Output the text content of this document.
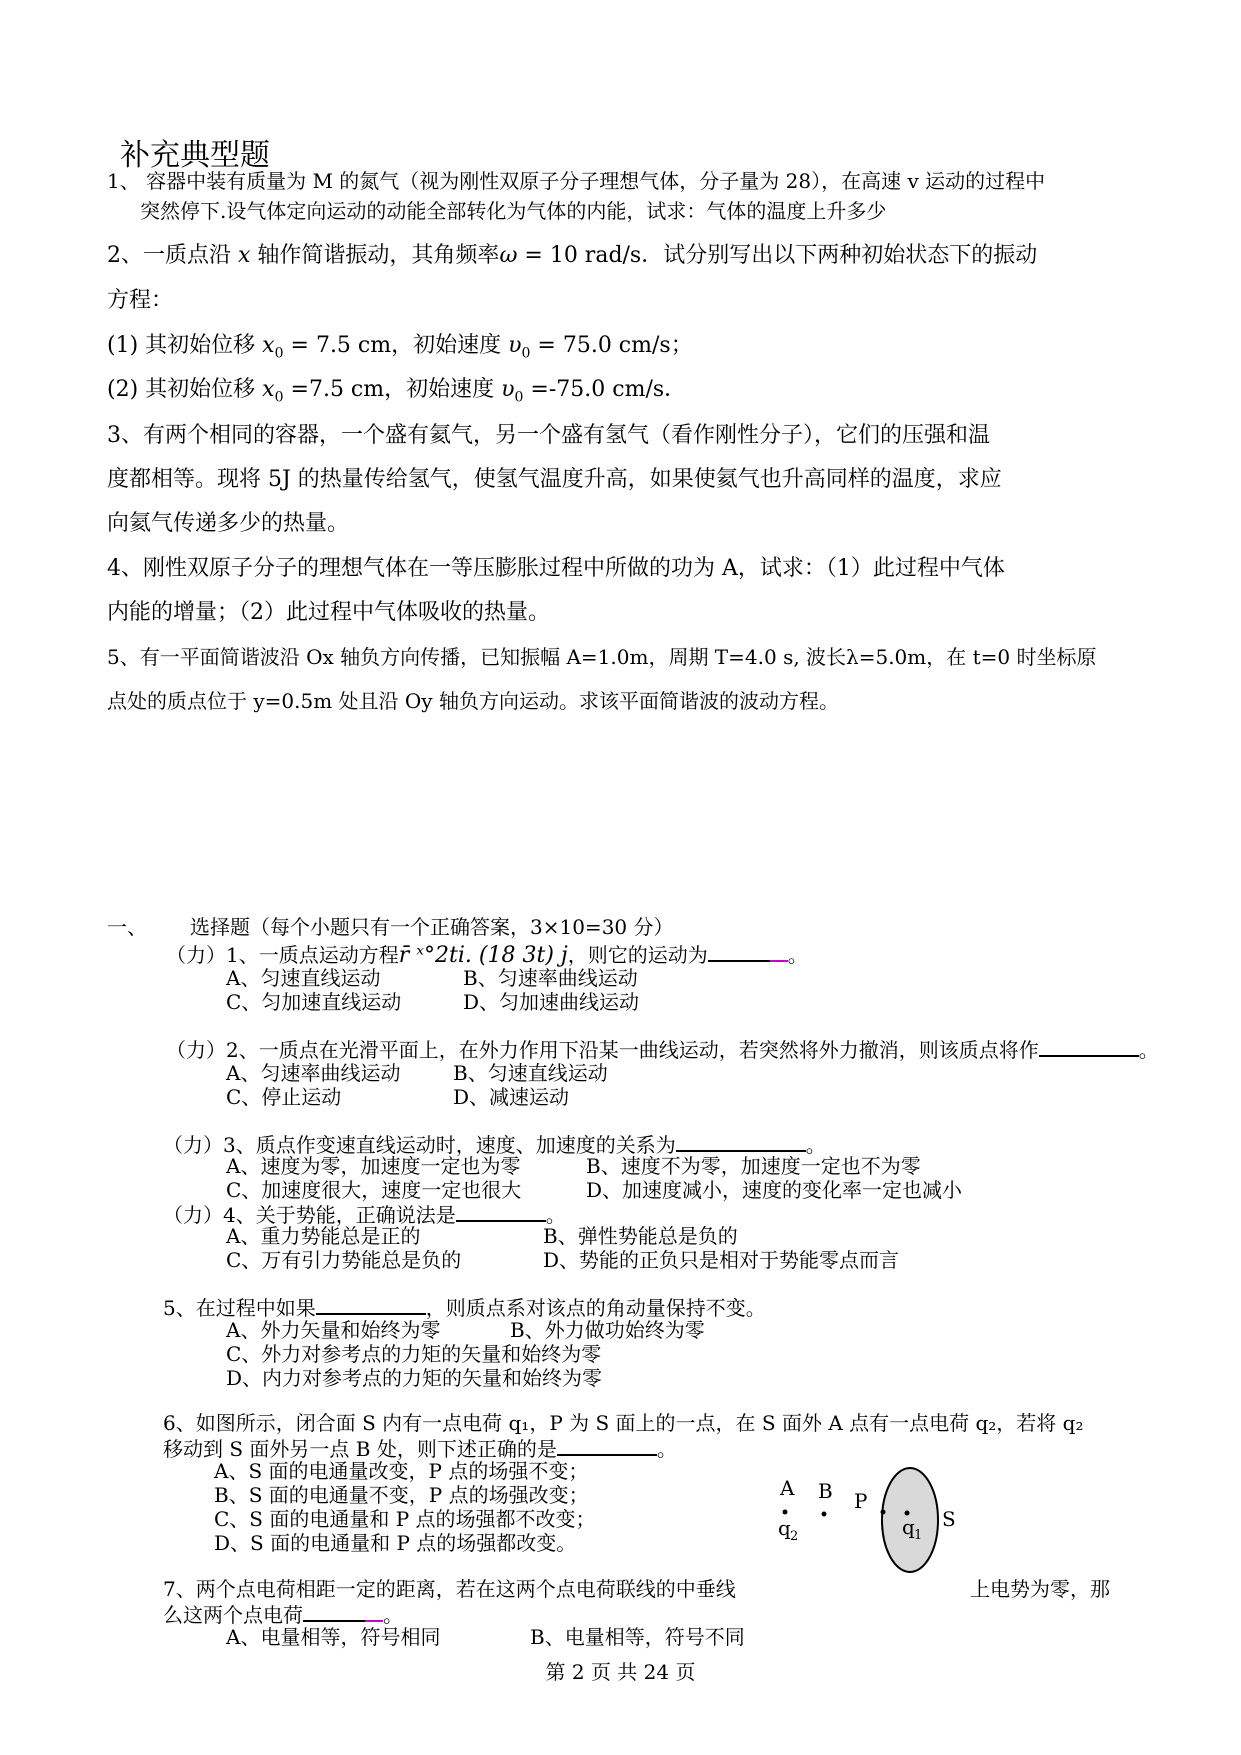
补充典型题
1、 容器中装有质量为 M 的氮气（视为刚性双原子分子理想气体，分子量为 28），在高速 v 运动的过程中
突然停下.设气体定向运动的动能全部转化为气体的内能，试求：气体的温度上升多少
2、一质点沿 x 轴作简谐振动，其角频率ω = 10 rad/s．试分别写出以下两种初始状态下的振动
方程：
(1) 其初始位移 $x_0 = 7.5$ cm，初始速度 $\upsilon_0 = 75.0$ cm/s；
(2) 其初始位移 $x_0 =7.5$ cm，初始速度 $\upsilon_0 =-75.0$ cm/s．
3、有两个相同的容器，一个盛有氦气，另一个盛有氢气（看作刚性分子），它们的压强和温
度都相等。现将 5J 的热量传给氢气，使氢气温度升高，如果使氦气也升高同样的温度，求应
向氦气传递多少的热量。
4、刚性双原子分子的理想气体在一等压膨胀过程中所做的功为 A，试求：（1）此过程中气体
内能的增量；（2）此过程中气体吸收的热量。
5、有一平面简谐波沿 Ox 轴负方向传播，已知振幅 A=1.0m，周期 T=4.0 s, 波长λ=5.0m，在 t=0 时坐标原
点处的质点位于 y=0.5m 处且沿 Oy 轴负方向运动。求该平面简谐波的波动方程。
一、 选择题（每个小题只有一个正确答案，3×10=30 分）
（力）1、一质点运动方程r̄ ˣ°2ti. (18 3t) j，则它的运动为	。
A、匀速直线运动	B、匀速率曲线运动
C、匀加速直线运动	D、匀加速曲线运动
（力）2、一质点在光滑平面上，在外力作用下沿某一曲线运动，若突然将外力撤消，则该质点将作	。
A、匀速率曲线运动	B、匀速直线运动
C、停止运动	D、减速运动
（力）3、质点作变速直线运动时，速度、加速度的关系为	。
A、速度为零，加速度一定也为零	B、速度不为零，加速度一定也不为零
C、加速度很大，速度一定也很大	D、加速度减小，速度的变化率一定也减小
（力）4、关于势能，正确说法是	。
A、重力势能总是正的	B、弹性势能总是负的
C、万有引力势能总是负的	D、势能的正负只是相对于势能零点而言
5、在过程中如果	，则质点系对该点的角动量保持不变。
A、外力矢量和始终为零	B、外力做功始终为零
C、外力对参考点的力矩的矢量和始终为零
D、内力对参考点的力矩的矢量和始终为零
6、如图所示，闭合面 S 内有一点电荷 q₁，P 为 S 面上的一点，在 S 面外 A 点有一点电荷 q₂，若将 q₂
移动到 S 面外另一点 B 处，则下述正确的是	。
A、S 面的电通量改变，P 点的场强不变；
B、S 面的电通量不变，P 点的场强改变；
C、S 面的电通量和 P 点的场强都不改变；
D、S 面的电通量和 P 点的场强都改变。
A
q 2
B P
q 1
S
7、两个点电荷相距一定的距离，若在这两个点电荷联线的中垂线	上电势为零，那
么这两个点电荷	。
A、电量相等，符号相同	B、电量相等，符号不同
第 2 页 共 24 页
